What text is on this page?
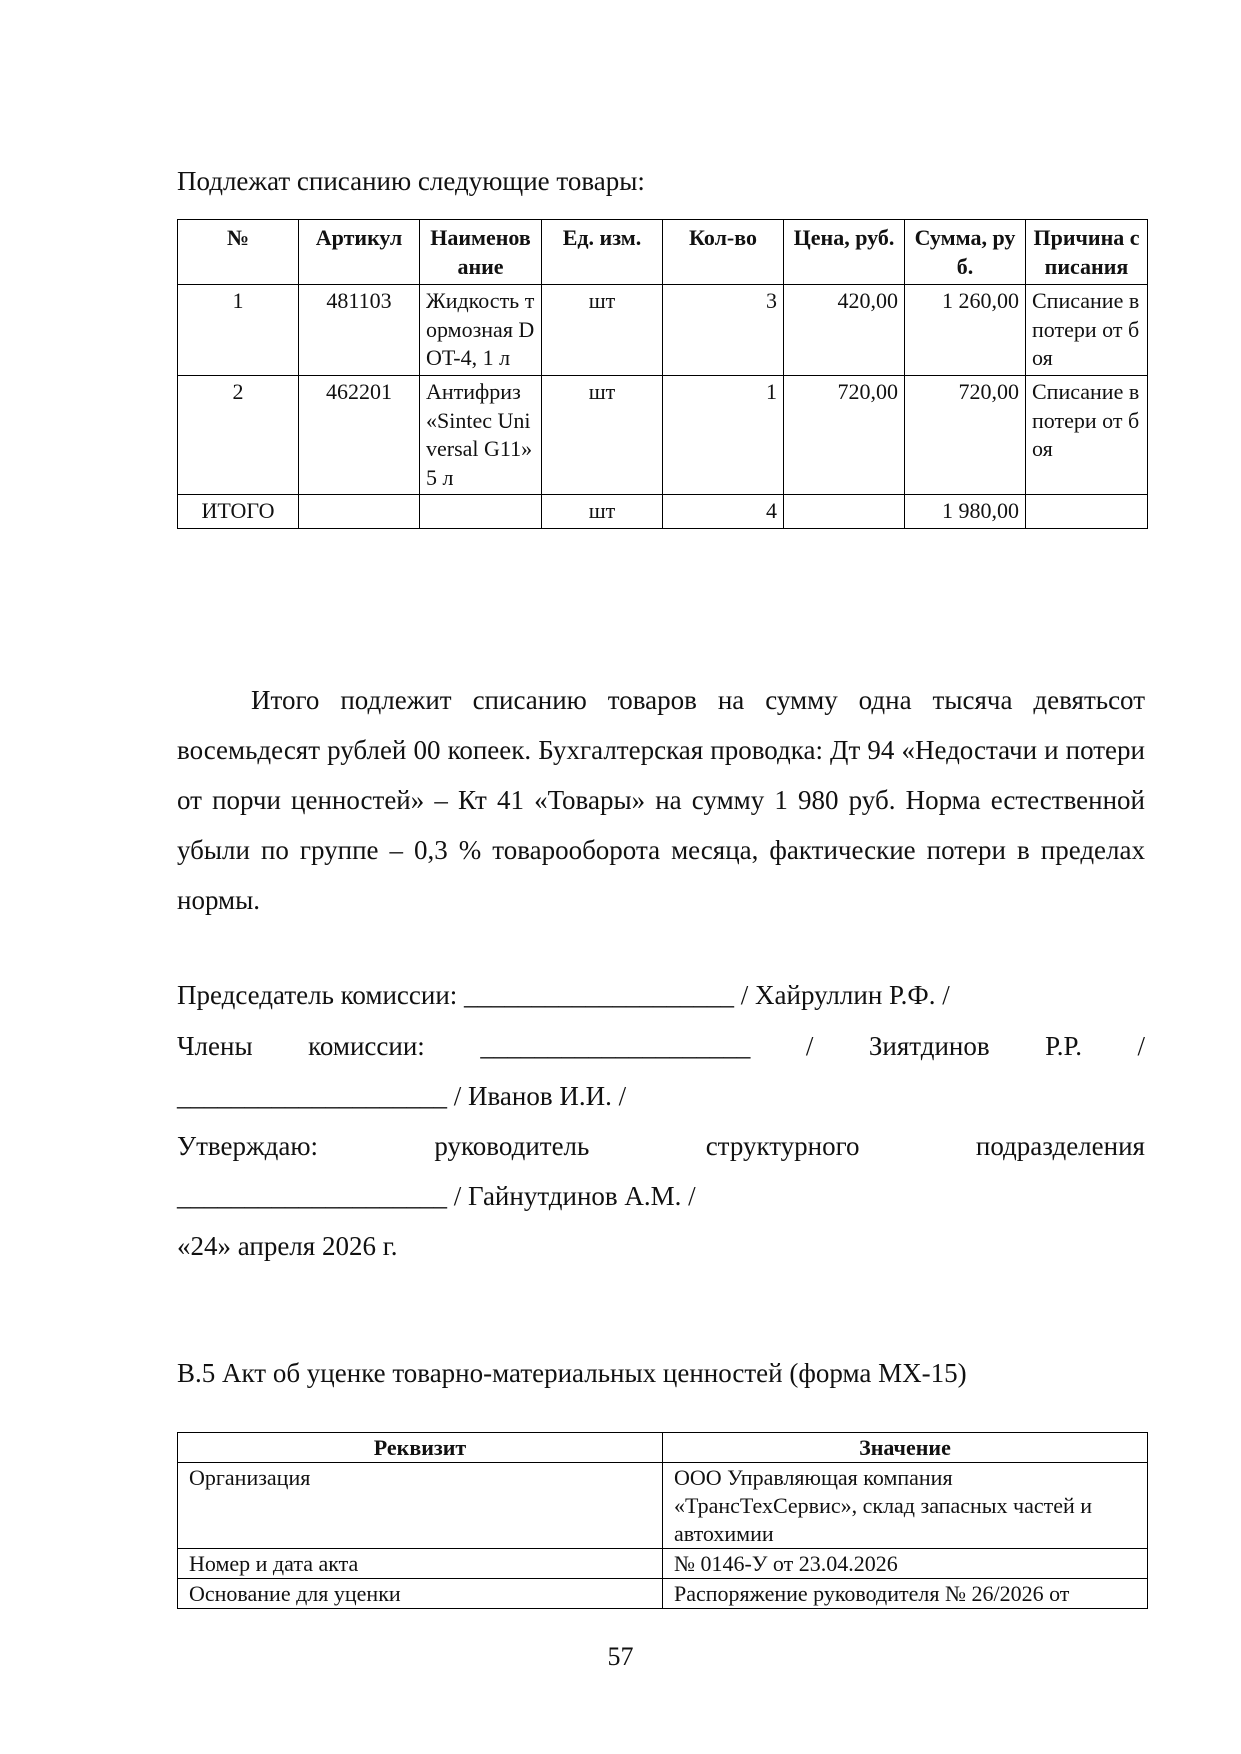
Подлежат списанию следующие товары:
№	Артикул	Наименование	Ед. изм.	Кол-во	Цена, руб.	Сумма, руб.	Причина списания
1	481103	Жидкость тормозная DOT-4, 1 л	шт	3	420,00	1 260,00	Списание в потери от боя
2	462201	Антифриз «Sintec Universal G11» 5 л	шт	1	720,00	720,00	Списание в потери от боя
ИТОГО			шт	4		1 980,00	

Итого подлежит списанию товаров на сумму одна тысяча девятьсот восемьдесят рублей 00 копеек. Бухгалтерская проводка: Дт 94 «Недостачи и потери от порчи ценностей» – Кт 41 «Товары» на сумму 1 980 руб. Норма естественной убыли по группе – 0,3 % товарооборота месяца, фактические потери в пределах нормы.

Председатель комиссии: ____________________ / Хайруллин Р.Ф. /
Члены комиссии: ____________________ / Зиятдинов Р.Р. /
____________________ / Иванов И.И. /
Утверждаю:	руководитель	структурного	подразделения
____________________ / Гайнутдинов А.М. /
«24» апреля 2026 г.
В.5 Акт об уценке товарно-материальных ценностей (форма МХ-15)
Реквизит	Значение
Организация	ООО Управляющая компания «ТрансТехСервис», склад запасных частей и автохимии
Номер и дата акта	№ 0146-У от 23.04.2026
Основание для уценки	Распоряжение руководителя № 26/2026 от
57
